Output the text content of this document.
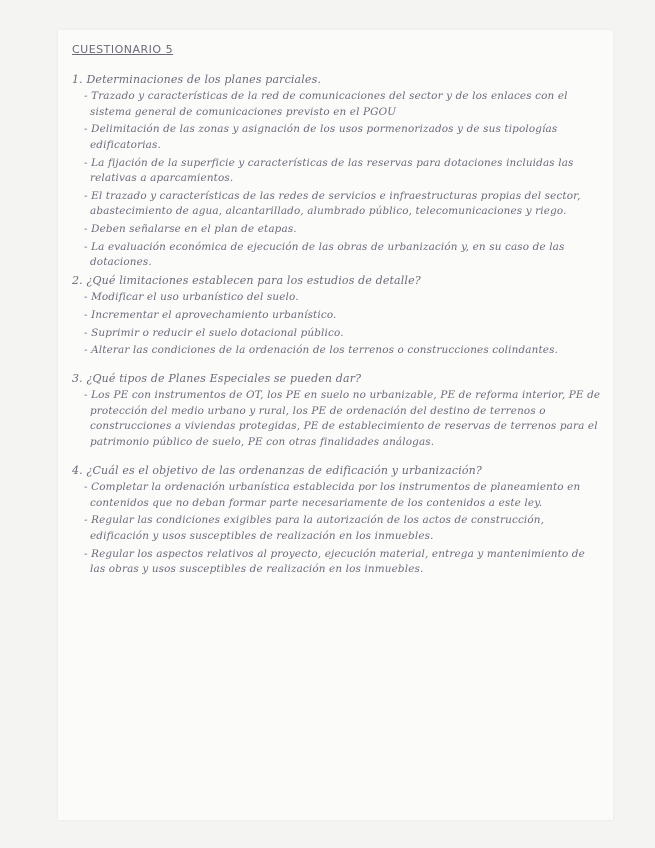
CUESTIONARIO 5
1. Determinaciones de los planes parciales.

- Trazado y características de la red de comunicaciones del sector y de los enlaces con el sistema general de comunicaciones previsto en el PGOU

- Delimitación de las zonas y asignación de los usos pormenorizados y de sus tipologías edificatorias.

- La fijación de la superficie y características de las reservas para dotaciones incluidas las relativas a aparcamientos.

- El trazado y características de las redes de servicios e infraestructuras propias del sector, abastecimiento de agua, alcantarillado, alumbrado público, telecomunicaciones y riego.

- Deben señalarse en el plan de etapas.

- La evaluación económica de ejecución de las obras de urbanización y, en su caso de las dotaciones.

2. ¿Qué limitaciones establecen para los estudios de detalle?

- Modificar el uso urbanístico del suelo.

- Incrementar el aprovechamiento urbanístico.

- Suprimir o reducir el suelo dotacional público.

- Alterar las condiciones de la ordenación de los terrenos o construcciones colindantes.

3. ¿Qué tipos de Planes Especiales se pueden dar?

- Los PE con instrumentos de OT, los PE en suelo no urbanizable, PE de reforma interior, PE de protección del medio urbano y rural, los PE de ordenación del destino de terrenos o construcciones a viviendas protegidas, PE de establecimiento de reservas de terrenos para el patrimonio público de suelo, PE con otras finalidades análogas.

4. ¿Cuál es el objetivo de las ordenanzas de edificación y urbanización?

- Completar la ordenación urbanística establecida por los instrumentos de planeamiento en contenidos que no deban formar parte necesariamente de los contenidos a este ley.

- Regular las condiciones exigibles para la autorización de los actos de construcción, edificación y usos susceptibles de realización en los inmuebles.

- Regular los aspectos relativos al proyecto, ejecución material, entrega y mantenimiento de las obras y usos susceptibles de realización en los inmuebles.
